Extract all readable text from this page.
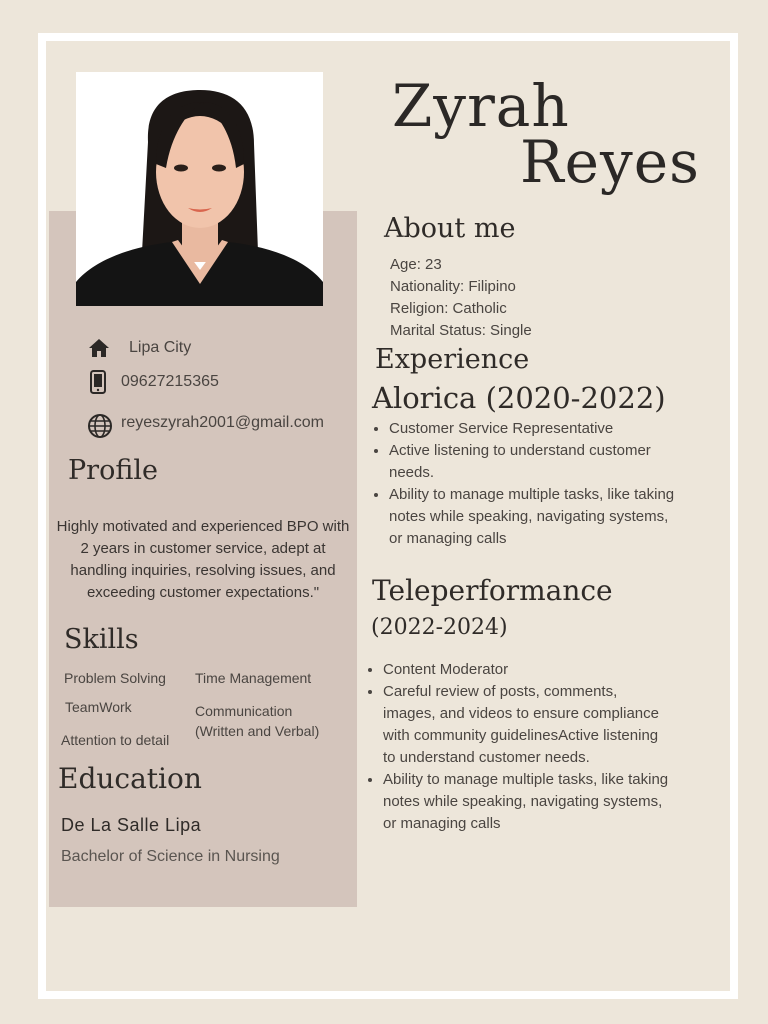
Zyrah
Reyes
Lipa City
09627215365
reyeszyrah2001@gmail.com
Profile

Highly motivated and experienced BPO with 2 years in customer service, adept at handling inquiries, resolving issues, and exceeding customer expectations."

Skills
Problem Solving Time Management
TeamWork	Communication (Written and Verbal)
Attention to detail
Education
De La Salle Lipa
Bachelor of Science in Nursing
About me
Age: 23
Nationality: Filipino
Religion: Catholic
Marital Status: Single
Experience
Alorica (2020-2022)
• Customer Service Representative
• Active listening to understand customer needs.
• Ability to manage multiple tasks, like taking notes while speaking, navigating systems, or managing calls
Teleperformance
(2022-2024)
• Content Moderator
• Careful review of posts, comments, images, and videos to ensure compliance with community guidelinesActive listening to understand customer needs.
• Ability to manage multiple tasks, like taking notes while speaking, navigating systems, or managing calls
